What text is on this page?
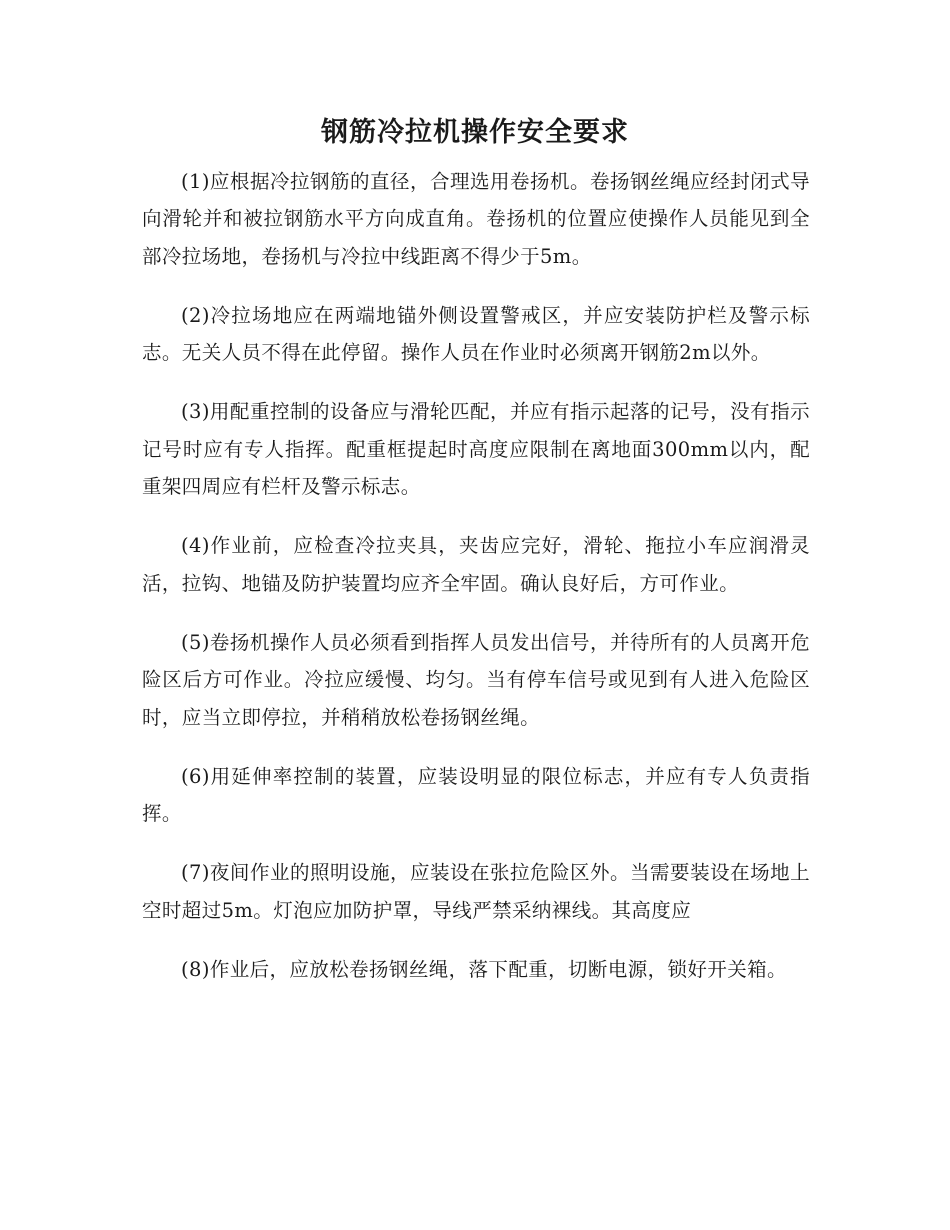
钢筋冷拉机操作安全要求

(1)应根据冷拉钢筋的直径，合理选用卷扬机。卷扬钢丝绳应经封闭式导向滑轮并和被拉钢筋水平方向成直角。卷扬机的位置应使操作人员能见到全部冷拉场地，卷扬机与冷拉中线距离不得少于5m。

(2)冷拉场地应在两端地锚外侧设置警戒区，并应安装防护栏及警示标志。无关人员不得在此停留。操作人员在作业时必须离开钢筋2m以外。

(3)用配重控制的设备应与滑轮匹配，并应有指示起落的记号，没有指示记号时应有专人指挥。配重框提起时高度应限制在离地面300mm以内，配重架四周应有栏杆及警示标志。

(4)作业前，应检查冷拉夹具，夹齿应完好，滑轮、拖拉小车应润滑灵活，拉钩、地锚及防护装置均应齐全牢固。确认良好后，方可作业。

(5)卷扬机操作人员必须看到指挥人员发出信号，并待所有的人员离开危险区后方可作业。冷拉应缓慢、均匀。当有停车信号或见到有人进入危险区时，应当立即停拉，并稍稍放松卷扬钢丝绳。

(6)用延伸率控制的装置，应装设明显的限位标志，并应有专人负责指挥。

(7)夜间作业的照明设施，应装设在张拉危险区外。当需要装设在场地上空时超过5m。灯泡应加防护罩，导线严禁采纳裸线。其高度应

(8)作业后，应放松卷扬钢丝绳，落下配重，切断电源，锁好开关箱。
